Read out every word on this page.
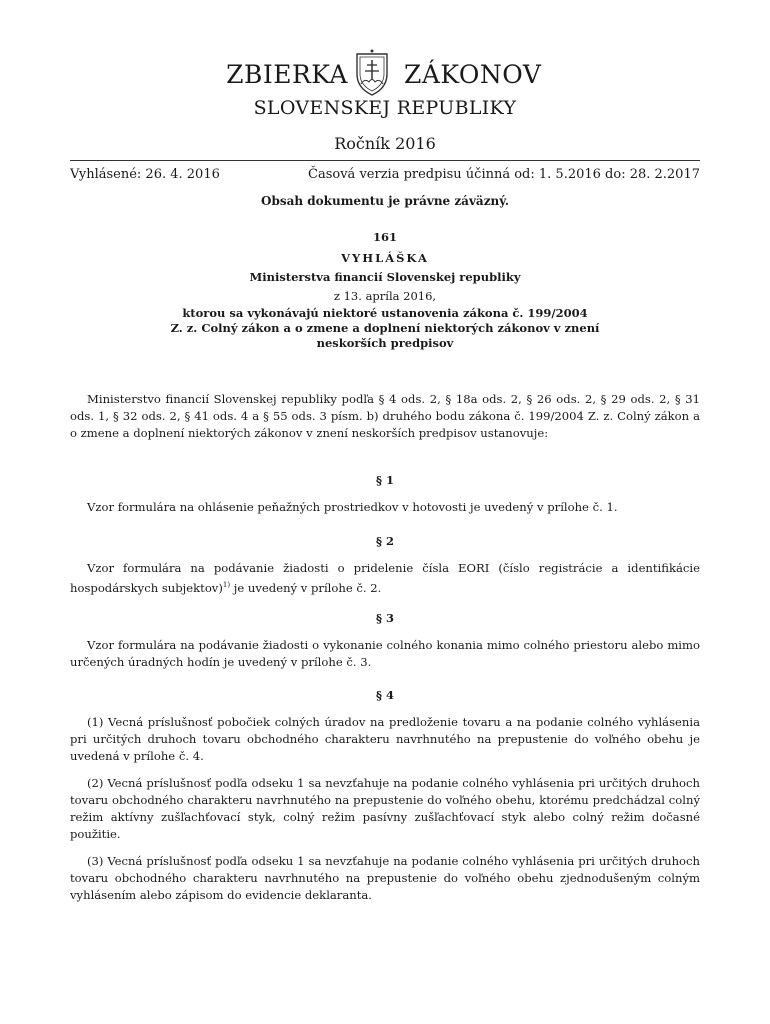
ZBIERKA ZÁKONOV
SLOVENSKEJ REPUBLIKY
Ročník 2016
Vyhlásené: 26. 4. 2016	Časová verzia predpisu účinná od: 1. 5.2016 do: 28. 2.2017
Obsah dokumentu je právne záväzný.
161
VYHLÁŠKA
Ministerstva financií Slovenskej republiky
z 13. apríla 2016,
ktorou sa vykonávajú niektoré ustanovenia zákona č. 199/2004
Z. z. Colný zákon a o zmene a doplnení niektorých zákonov v znení
neskorších predpisov
Ministerstvo financií Slovenskej republiky podľa § 4 ods. 2, § 18a ods. 2, § 26 ods. 2, § 29 ods. 2, § 31 ods. 1, § 32 ods. 2, § 41 ods. 4 a § 55 ods. 3 písm. b) druhého bodu zákona č. 199/2004 Z. z. Colný zákon a o zmene a doplnení niektorých zákonov v znení neskorších predpisov ustanovuje:
§ 1
Vzor formulára na ohlásenie peňažných prostriedkov v hotovosti je uvedený v prílohe č. 1.
§ 2
Vzor formulára na podávanie žiadosti o pridelenie čísla EORI (číslo registrácie a identifikácie hospodárskych subjektov)$^{1)}$ je uvedený v prílohe č. 2.
§ 3
Vzor formulára na podávanie žiadosti o vykonanie colného konania mimo colného priestoru alebo mimo určených úradných hodín je uvedený v prílohe č. 3.
§ 4
(1) Vecná príslušnosť pobočiek colných úradov na predloženie tovaru a na podanie colného vyhlásenia pri určitých druhoch tovaru obchodného charakteru navrhnutého na prepustenie do voľného obehu je uvedená v prílohe č. 4.
(2) Vecná príslušnosť podľa odseku 1 sa nevzťahuje na podanie colného vyhlásenia pri určitých druhoch tovaru obchodného charakteru navrhnutého na prepustenie do voľného obehu, ktorému predchádzal colný režim aktívny zušľachťovací styk, colný režim pasívny zušľachťovací styk alebo colný režim dočasné použitie.
(3) Vecná príslušnosť podľa odseku 1 sa nevzťahuje na podanie colného vyhlásenia pri určitých druhoch tovaru obchodného charakteru navrhnutého na prepustenie do voľného obehu zjednodušeným colným vyhlásením alebo zápisom do evidencie deklaranta.
